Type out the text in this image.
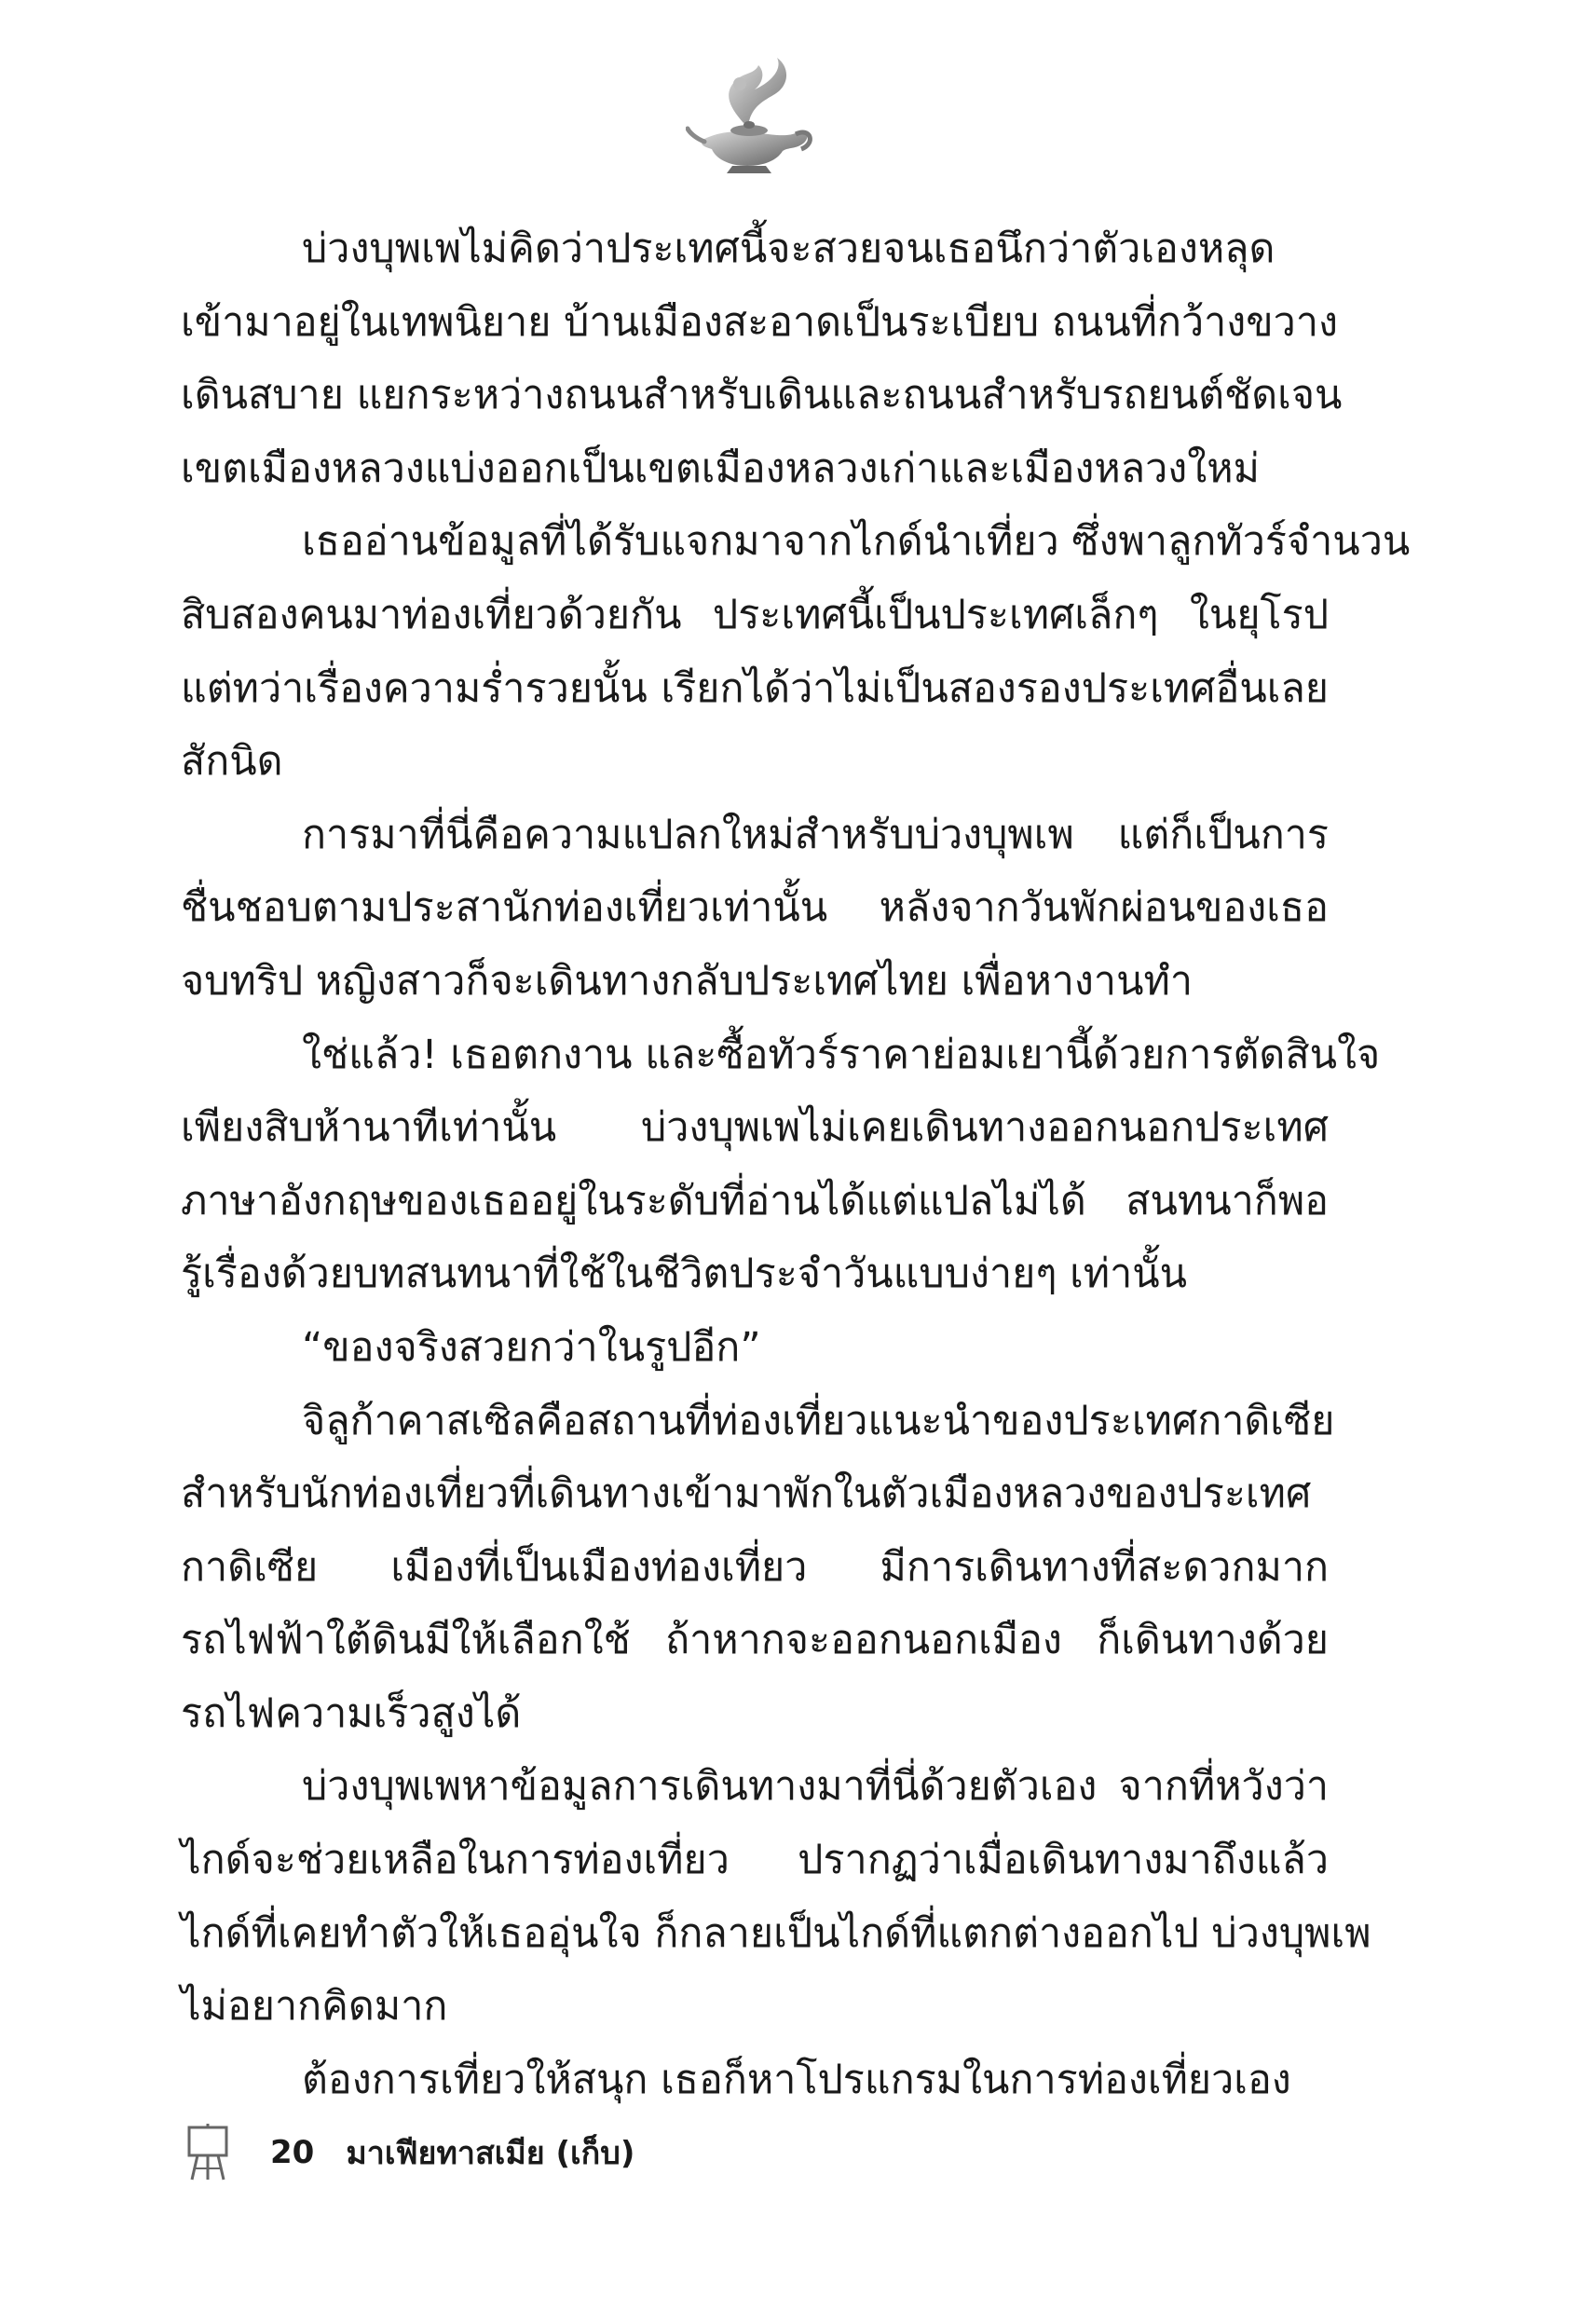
บ่วงบุพเพไม่คิดว่าประเทศนี้จะสวยจนเธอนึกว่าตัวเองหลุด
เข้ามาอยู่ในเทพนิยาย บ้านเมืองสะอาดเป็นระเบียบ ถนนที่กว้างขวาง
เดินสบาย แยกระหว่างถนนสำหรับเดินและถนนสำหรับรถยนต์ชัดเจน
เขตเมืองหลวงแบ่งออกเป็นเขตเมืองหลวงเก่าและเมืองหลวงใหม่
เธออ่านข้อมูลที่ได้รับแจกมาจากไกด์นำเที่ยว ซึ่งพาลูกทัวร์จำนวน
สิบสองคนมาท่องเที่ยวด้วยกัน ประเทศนี้เป็นประเทศเล็กๆ ในยุโรป
แต่ทว่าเรื่องความร่ำรวยนั้น เรียกได้ว่าไม่เป็นสองรองประเทศอื่นเลย
สักนิด
การมาที่นี่คือความแปลกใหม่สำหรับบ่วงบุพเพ แต่ก็เป็นการ
ชื่นชอบตามประสานักท่องเที่ยวเท่านั้น หลังจากวันพักผ่อนของเธอ
จบทริป หญิงสาวก็จะเดินทางกลับประเทศไทย เพื่อหางานทำ
ใช่แล้ว! เธอตกงาน และซื้อทัวร์ราคาย่อมเยานี้ด้วยการตัดสินใจ
เพียงสิบห้านาทีเท่านั้น บ่วงบุพเพไม่เคยเดินทางออกนอกประเทศ
ภาษาอังกฤษของเธออยู่ในระดับที่อ่านได้แต่แปลไม่ได้ สนทนาก็พอ
รู้เรื่องด้วยบทสนทนาที่ใช้ในชีวิตประจำวันแบบง่ายๆ เท่านั้น
“ของจริงสวยกว่าในรูปอีก”
จิลูก้าคาสเซิลคือสถานที่ท่องเที่ยวแนะนำของประเทศกาดิเซีย
สำหรับนักท่องเที่ยวที่เดินทางเข้ามาพักในตัวเมืองหลวงของประเทศ
กาดิเซีย เมืองที่เป็นเมืองท่องเที่ยว มีการเดินทางที่สะดวกมาก
รถไฟฟ้าใต้ดินมีให้เลือกใช้ ถ้าหากจะออกนอกเมือง ก็เดินทางด้วย
รถไฟความเร็วสูงได้
บ่วงบุพเพหาข้อมูลการเดินทางมาที่นี่ด้วยตัวเอง จากที่หวังว่า
ไกด์จะช่วยเหลือในการท่องเที่ยว ปรากฏว่าเมื่อเดินทางมาถึงแล้ว
ไกด์ที่เคยทำตัวให้เธออุ่นใจ ก็กลายเป็นไกด์ที่แตกต่างออกไป บ่วงบุพเพ
ไม่อยากคิดมาก
ต้องการเที่ยวให้สนุก เธอก็หาโปรแกรมในการท่องเที่ยวเอง
20 มาเฟียทาสเมีย (เก็บ)
